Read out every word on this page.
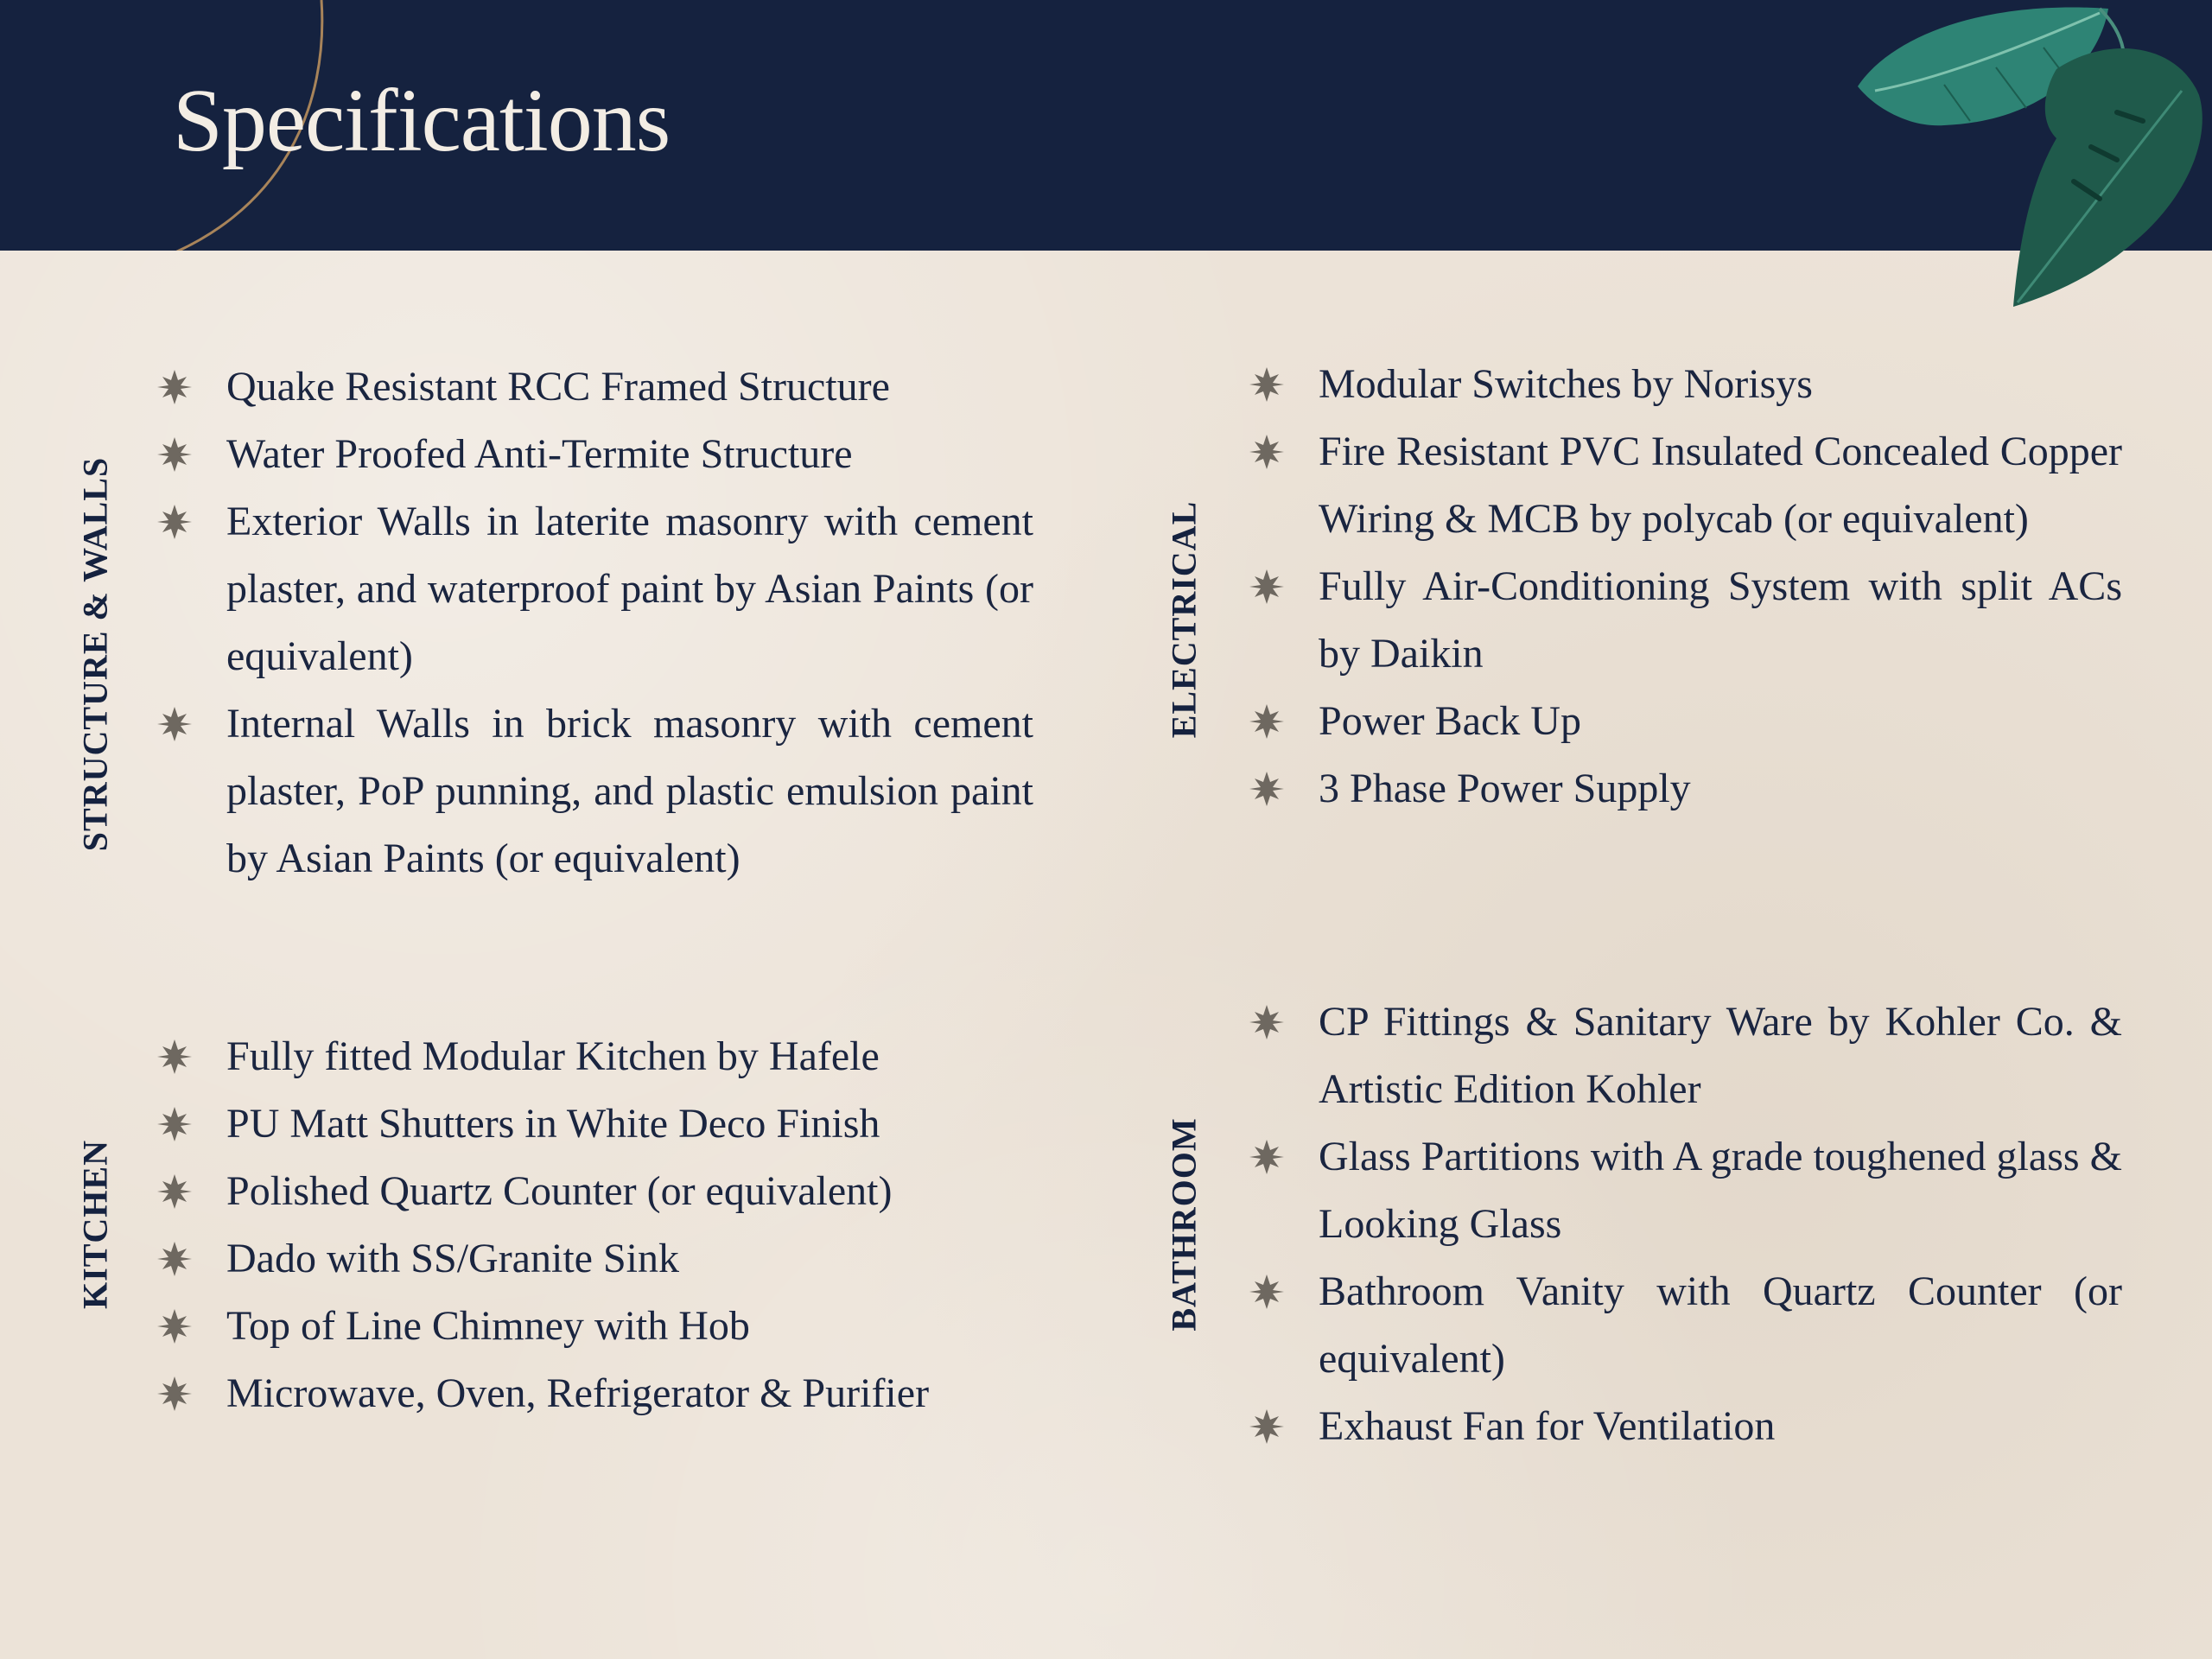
Specifications
STRUCTURE & WALLS
KITCHEN
ELECTRICAL
BATHROOM
Quake Resistant RCC Framed Structure
Water Proofed Anti-Termite Structure
Exterior Walls in laterite masonry with cement plaster, and waterproof paint by Asian Paints (or equivalent)
Internal Walls in brick masonry with cement plaster, PoP punning, and plastic emulsion paint by Asian Paints (or equivalent)
Fully fitted Modular Kitchen by Hafele
PU Matt Shutters in White Deco Finish
Polished Quartz Counter (or equivalent)
Dado with SS/Granite Sink
Top of Line Chimney with Hob
Microwave, Oven, Refrigerator & Purifier
Modular Switches by Norisys
Fire Resistant PVC Insulated Concealed Copper Wiring & MCB by polycab (or equivalent)
Fully Air-Conditioning System with split ACs by Daikin
Power Back Up
3 Phase Power Supply
CP Fittings & Sanitary Ware by Kohler Co. & Artistic Edition Kohler
Glass Partitions with A grade toughened glass & Looking Glass
Bathroom Vanity with Quartz Counter (or equivalent)
Exhaust Fan for Ventilation
